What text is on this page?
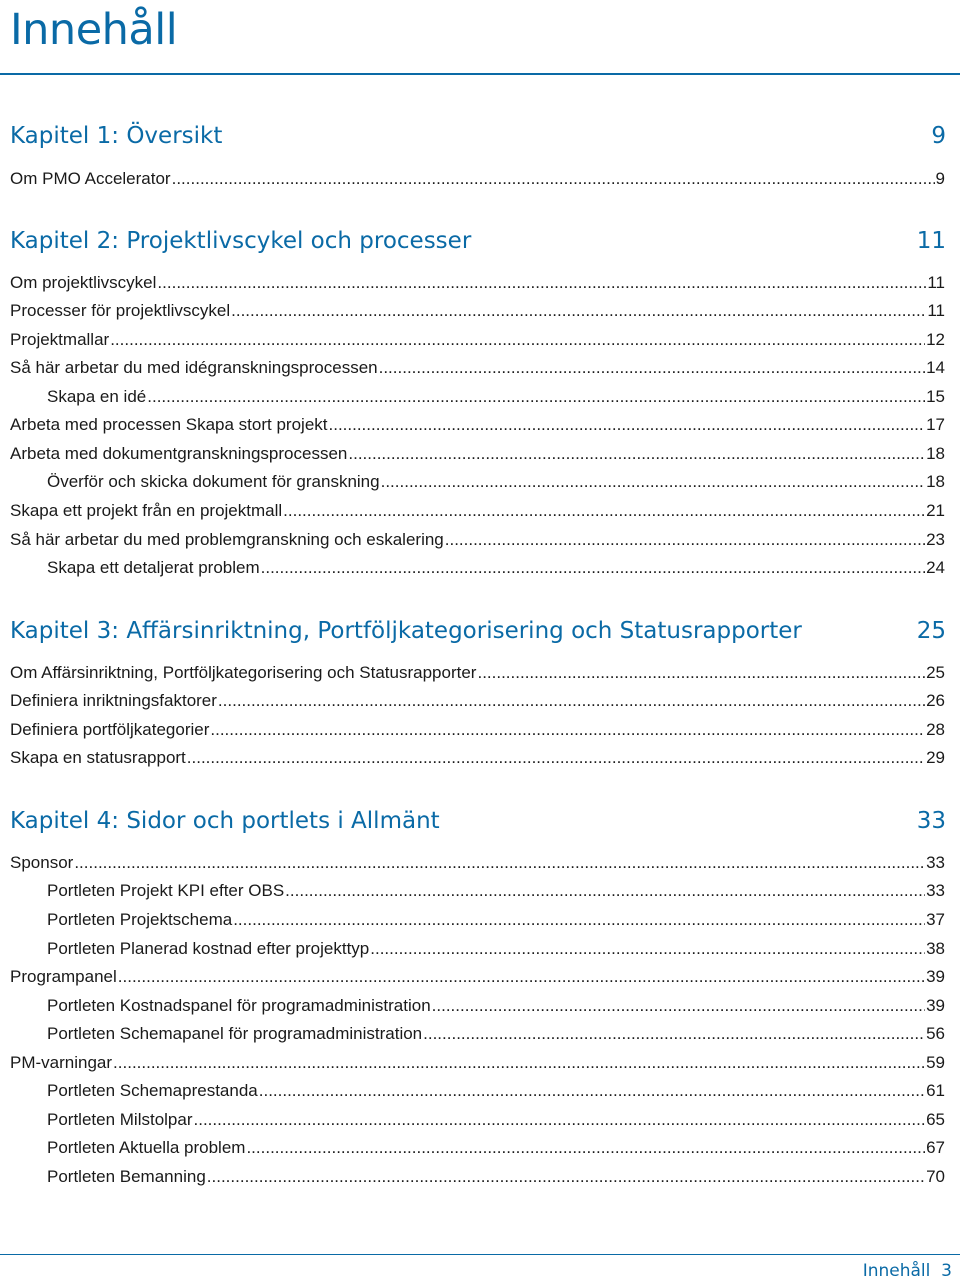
Innehåll
Kapitel 1: Översikt	9
Om PMO Accelerator .....	9
Kapitel 2: Projektlivscykel och processer	11
Om projektlivscykel .....	11
Processer för projektlivscykel .....	11
Projektmallar .....	12
Så här arbetar du med idégranskningsprocessen .....	14
Skapa en idé .....	15
Arbeta med processen Skapa stort projekt .....	17
Arbeta med dokumentgranskningsprocessen .....	18
Överför och skicka dokument för granskning .....	18
Skapa ett projekt från en projektmall .....	21
Så här arbetar du med problemgranskning och eskalering .....	23
Skapa ett detaljerat problem .....	24
Kapitel 3: Affärsinriktning, Portföljkategorisering och Statusrapporter	25
Om Affärsinriktning, Portföljkategorisering och Statusrapporter .....	25
Definiera inriktningsfaktorer .....	26
Definiera portföljkategorier .....	28
Skapa en statusrapport .....	29
Kapitel 4: Sidor och portlets i Allmänt	33
Sponsor .....	33
Portleten Projekt KPI efter OBS .....	33
Portleten Projektschema .....	37
Portleten Planerad kostnad efter projekttyp .....	38
Programpanel .....	39
Portleten Kostnadspanel för programadministration .....	39
Portleten Schemapanel för programadministration .....	56
PM-varningar .....	59
Portleten Schemaprestanda .....	61
Portleten Milstolpar .....	65
Portleten Aktuella problem .....	67
Portleten Bemanning .....	70
Innehåll 3
